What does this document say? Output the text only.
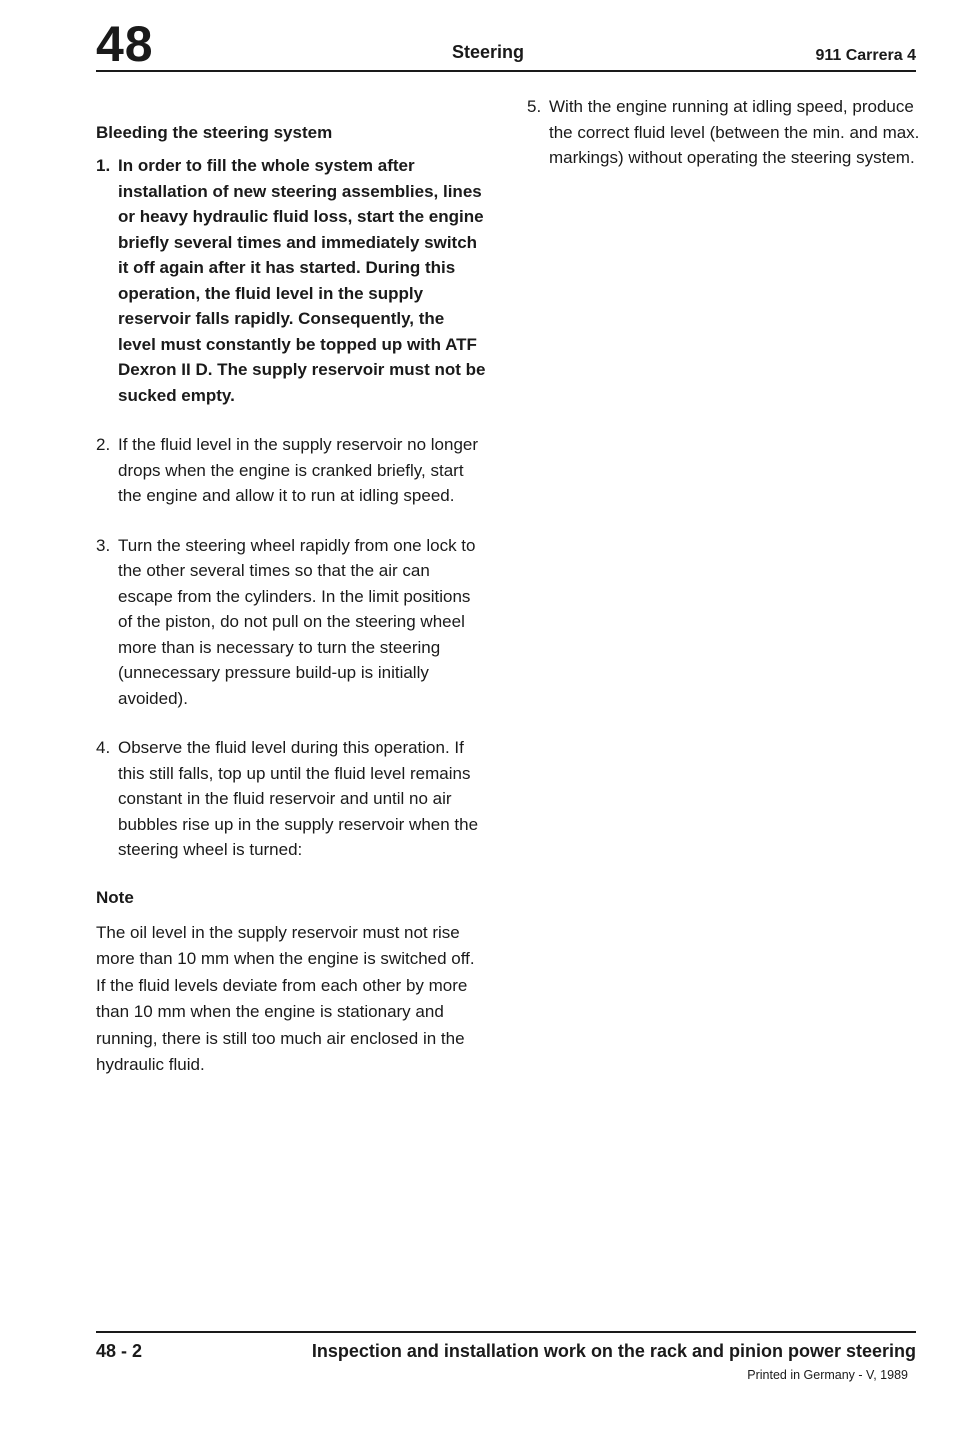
48	Steering	911 Carrera 4
Bleeding the steering system
1. In order to fill the whole system after installation of new steering assemblies, lines or heavy hydraulic fluid loss, start the engine briefly several times and immediately switch it off again after it has started. During this operation, the fluid level in the supply reservoir falls rapidly. Consequently, the level must constantly be topped up with ATF Dexron II D. The supply reservoir must not be sucked empty.
2. If the fluid level in the supply reservoir no longer drops when the engine is cranked briefly, start the engine and allow it to run at idling speed.
3. Turn the steering wheel rapidly from one lock to the other several times so that the air can escape from the cylinders. In the limit positions of the piston, do not pull on the steering wheel more than is necessary to turn the steering (unnecessary pressure build-up is initially avoided).
4. Observe the fluid level during this operation. If this still falls, top up until the fluid level remains constant in the fluid reservoir and until no air bubbles rise up in the supply reservoir when the steering wheel is turned:
Note

The oil level in the supply reservoir must not rise more than 10 mm when the engine is switched off.

If the fluid levels deviate from each other by more than 10 mm when the engine is stationary and running, there is still too much air enclosed in the hydraulic fluid.

5. With the engine running at idling speed, produce the correct fluid level (between the min. and max. markings) without operating the steering system.
48 - 2	Inspection and installation work on the rack and pinion power steering
Printed in Germany - V, 1989
